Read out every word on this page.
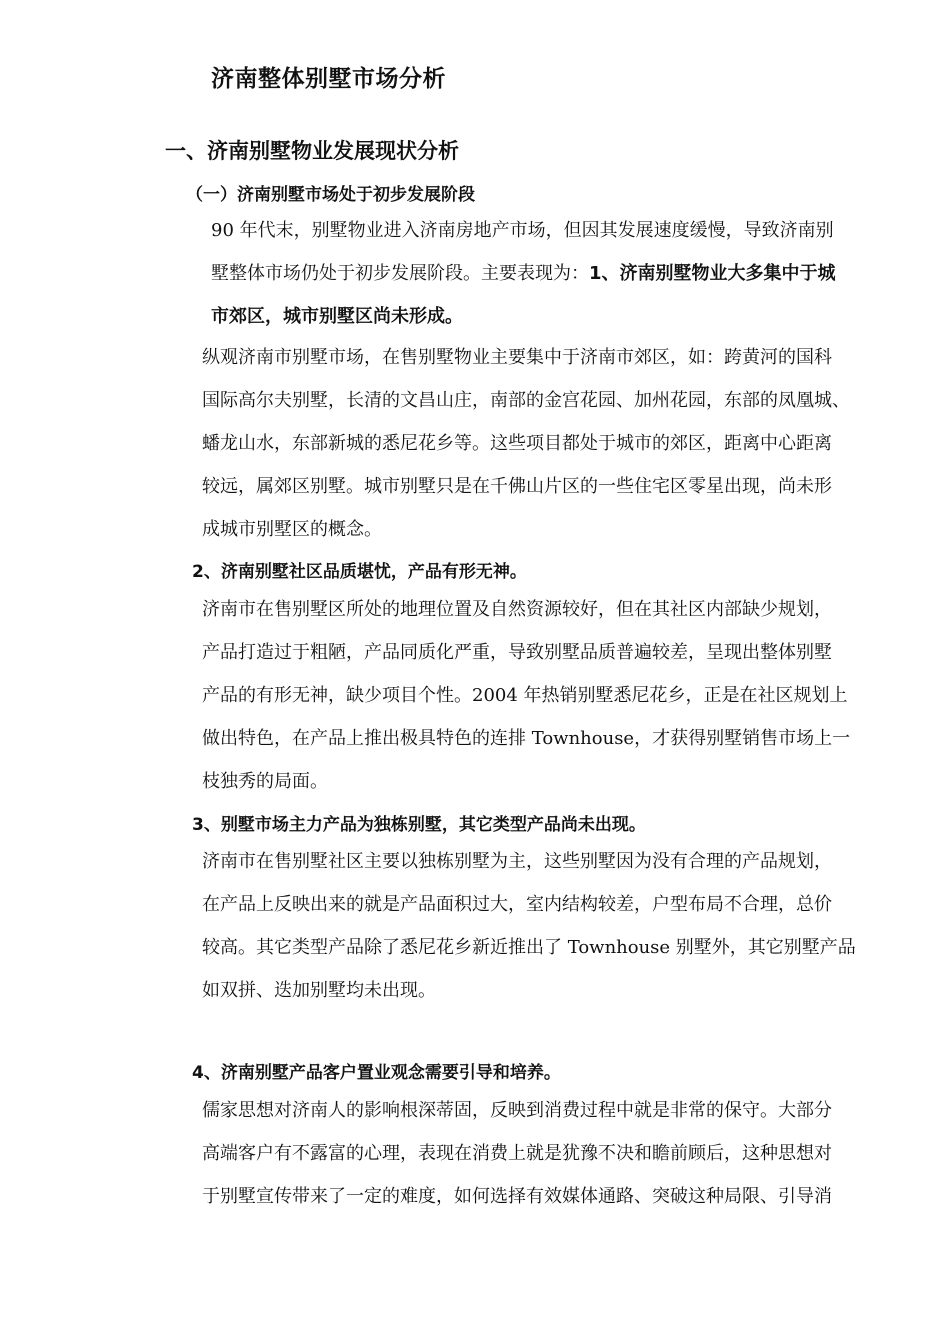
济南整体别墅市场分析
一、济南别墅物业发展现状分析
（一）济南别墅市场处于初步发展阶段
90 年代末，别墅物业进入济南房地产市场，但因其发展速度缓慢，导致济南别
墅整体市场仍处于初步发展阶段。主要表现为：1、济南别墅物业大多集中于城
市郊区，城市别墅区尚未形成。
纵观济南市别墅市场，在售别墅物业主要集中于济南市郊区，如：跨黄河的国科
国际高尔夫别墅，长清的文昌山庄，南部的金宫花园、加州花园，东部的凤凰城、
蟠龙山水，东部新城的悉尼花乡等。这些项目都处于城市的郊区，距离中心距离
较远，属郊区别墅。城市别墅只是在千佛山片区的一些住宅区零星出现，尚未形
成城市别墅区的概念。
2、济南别墅社区品质堪忧，产品有形无神。
济南市在售别墅区所处的地理位置及自然资源较好，但在其社区内部缺少规划，
产品打造过于粗陋，产品同质化严重，导致别墅品质普遍较差，呈现出整体别墅
产品的有形无神，缺少项目个性。2004 年热销别墅悉尼花乡，正是在社区规划上
做出特色，在产品上推出极具特色的连排 Townhouse，才获得别墅销售市场上一
枝独秀的局面。
3、别墅市场主力产品为独栋别墅，其它类型产品尚未出现。
济南市在售别墅社区主要以独栋别墅为主，这些别墅因为没有合理的产品规划，
在产品上反映出来的就是产品面积过大，室内结构较差，户型布局不合理，总价
较高。其它类型产品除了悉尼花乡新近推出了 Townhouse 别墅外，其它别墅产品
如双拼、迭加别墅均未出现。
4、济南别墅产品客户置业观念需要引导和培养。
儒家思想对济南人的影响根深蒂固，反映到消费过程中就是非常的保守。大部分
高端客户有不露富的心理，表现在消费上就是犹豫不决和瞻前顾后，这种思想对
于别墅宣传带来了一定的难度，如何选择有效媒体通路、突破这种局限、引导消
